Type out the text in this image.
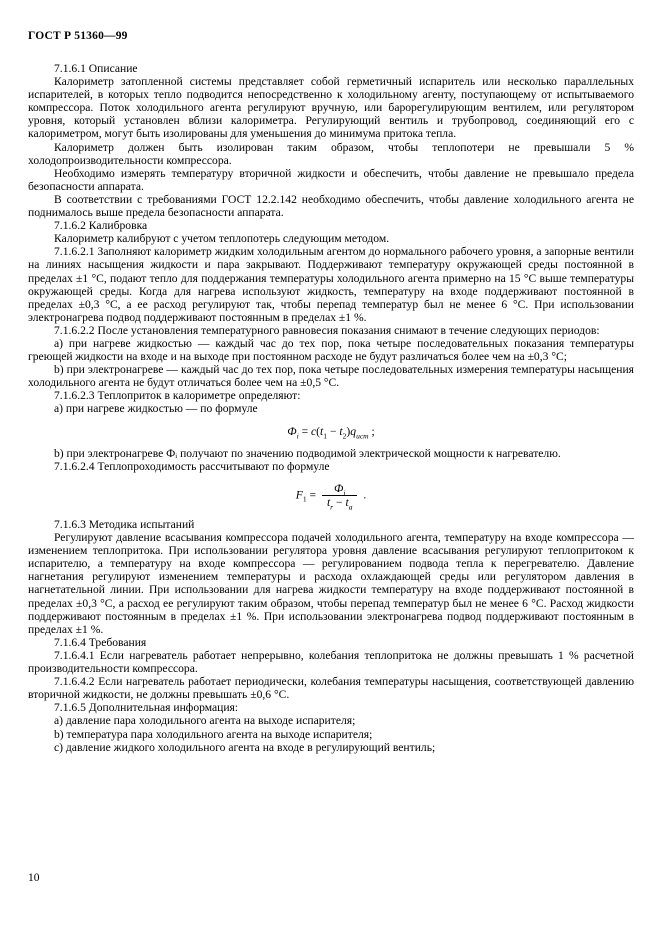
ГОСТ Р 51360—99

7.1.6.1 Описание

Калориметр затопленной системы представляет собой герметичный испаритель или несколько параллельных испарителей, в которых тепло подводится непосредственно к холодильному агенту, поступающему от испытываемого компрессора. Поток холодильного агента регулируют вручную, или барорегулирующим вентилем, или регулятором уровня, который установлен вблизи калориметра. Регулирующий вентиль и трубопровод, соединяющий его с калориметром, могут быть изолированы для уменьшения до минимума притока тепла.

Калориметр должен быть изолирован таким образом, чтобы теплопотери не превышали 5 % холодопроизводительности компрессора.

Необходимо измерять температуру вторичной жидкости и обеспечить, чтобы давление не превышало предела безопасности аппарата.

В соответствии с требованиями ГОСТ 12.2.142 необходимо обеспечить, чтобы давление холодильного агента не поднималось выше предела безопасности аппарата.

7.1.6.2 Калибровка

Калориметр калибруют с учетом теплопотерь следующим методом.

7.1.6.2.1 Заполняют калориметр жидким холодильным агентом до нормального рабочего уровня, а запорные вентили на линиях насыщения жидкости и пара закрывают. Поддерживают температуру окружающей среды постоянной в пределах ±1 °С, подают тепло для поддержания температуры холодильного агента примерно на 15 °С выше температуры окружающей среды. Когда для нагрева используют жидкость, температуру на входе поддерживают постоянной в пределах ±0,3 °С, а ее расход регулируют так, чтобы перепад температур был не менее 6 °С. При использовании электронагрева подвод поддерживают постоянным в пределах ±1 %.

7.1.6.2.2 После установления температурного равновесия показания снимают в течение следующих периодов:

a) при нагреве жидкостью — каждый час до тех пор, пока четыре последовательных показания температуры греющей жидкости на входе и на выходе при постоянном расходе не будут различаться более чем на ±0,3 °С;

b) при электронагреве — каждый час до тех пор, пока четыре последовательных измерения температуры насыщения холодильного агента не будут отличаться более чем на ±0,5 °С.

7.1.6.2.3 Теплоприток в калориметре определяют:

a) при нагреве жидкостью — по формуле

$Ф_i = c(t_1 - t_2)q_{ист}$ ;

b) при электронагреве Фᵢ получают по значению подводимой электрической мощности к нагревателю.

7.1.6.2.4 Теплопроходимость рассчитывают по формуле

$F_1 = \frac{Ф_i}{t_r - t_a}$ .

7.1.6.3 Методика испытаний

Регулируют давление всасывания компрессора подачей холодильного агента, температуру на входе компрессора — изменением теплопритока. При использовании регулятора уровня давление всасывания регулируют теплопритоком к испарителю, а температуру на входе компрессора — регулированием подвода тепла к перегревателю. Давление нагнетания регулируют изменением температуры и расхода охлаждающей среды или регулятором давления в нагнетательной линии. При использовании для нагрева жидкости температуру на входе поддерживают постоянной в пределах ±0,3 °С, а расход ее регулируют таким образом, чтобы перепад температур был не менее 6 °С. Расход жидкости поддерживают постоянным в пределах ±1 %. При использовании электронагрева подвод поддерживают постоянным в пределах ±1 %.

7.1.6.4 Требования

7.1.6.4.1 Если нагреватель работает непрерывно, колебания теплопритока не должны превышать 1 % расчетной производительности компрессора.

7.1.6.4.2 Если нагреватель работает периодически, колебания температуры насыщения, соответствующей давлению вторичной жидкости, не должны превышать ±0,6 °С.

7.1.6.5 Дополнительная информация:

a) давление пара холодильного агента на выходе испарителя;

b) температура пара холодильного агента на выходе испарителя;

c) давление жидкого холодильного агента на входе в регулирующий вентиль;

10
